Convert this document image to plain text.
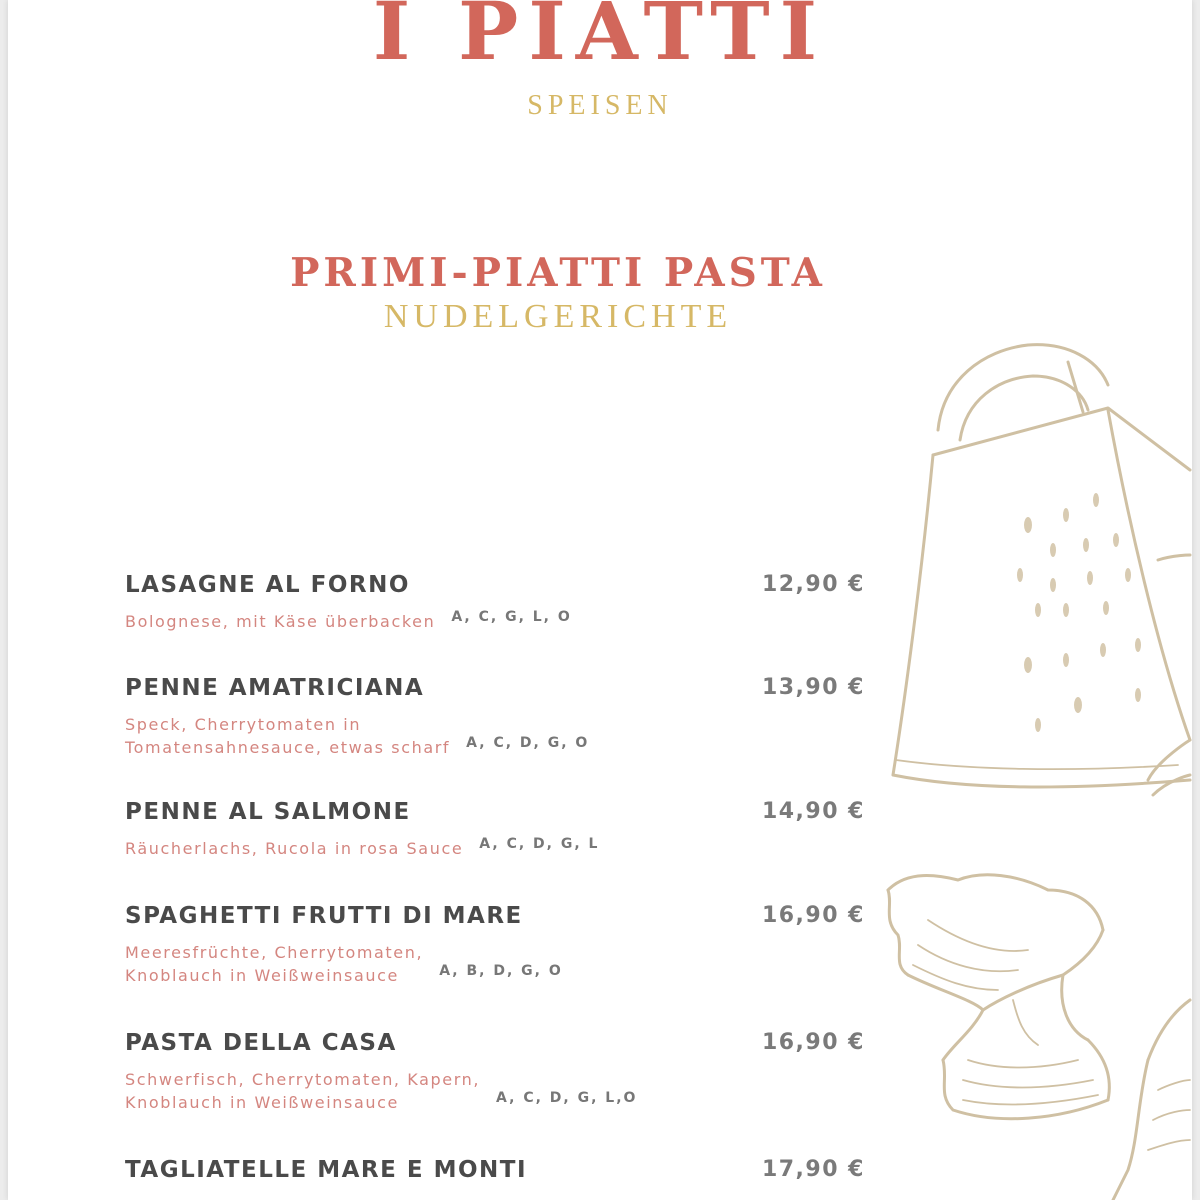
I PIATTI
SPEISEN
PRIMI-PIATTI PASTA
NUDELGERICHTE
LASAGNE AL FORNO	12,90 €
Bolognese, mit Käse überbacken A, C, G, L, O
PENNE AMATRICIANA	13,90 €
Speck, Cherrytomaten in
Tomatensahnesauce, etwas scharf A, C, D, G, O
PENNE AL SALMONE	14,90 €
Räucherlachs, Rucola in rosa Sauce A, C, D, G, L
SPAGHETTI FRUTTI DI MARE	16,90 €
Meeresfrüchte, Cherrytomaten,
Knoblauch in Weißweinsauce	A, B, D, G, O
PASTA DELLA CASA	16,90 €
Schwerfisch, Cherrytomaten, Kapern,
Knoblauch in Weißweinsauce	A, C, D, G, L,O
TAGLIATELLE MARE E MONTI	17,90 €
